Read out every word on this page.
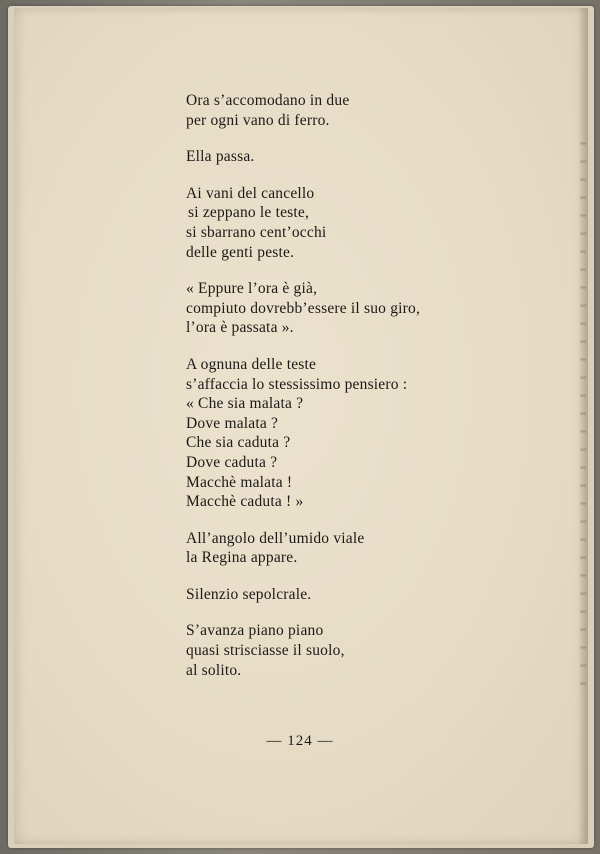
Ora s’accomodano in due
per ogni vano di ferro.
Ella passa.
Ai vani del cancello
si zeppano le teste,
si sbarrano cent’occhi
delle genti peste.
« Eppure l’ora è già,
compiuto dovrebb’essere il suo giro,
l’ora è passata ».
A ognuna delle teste
s’affaccia lo stessissimo pensiero :
« Che sia malata ?
Dove malata ?
Che sia caduta ?
Dove caduta ?
Macchè malata !
Macchè caduta ! »
All’angolo dell’umido viale
la Regina appare.
Silenzio sepolcrale.
S’avanza piano piano
quasi strisciasse il suolo,
al solito.
— 124 —
